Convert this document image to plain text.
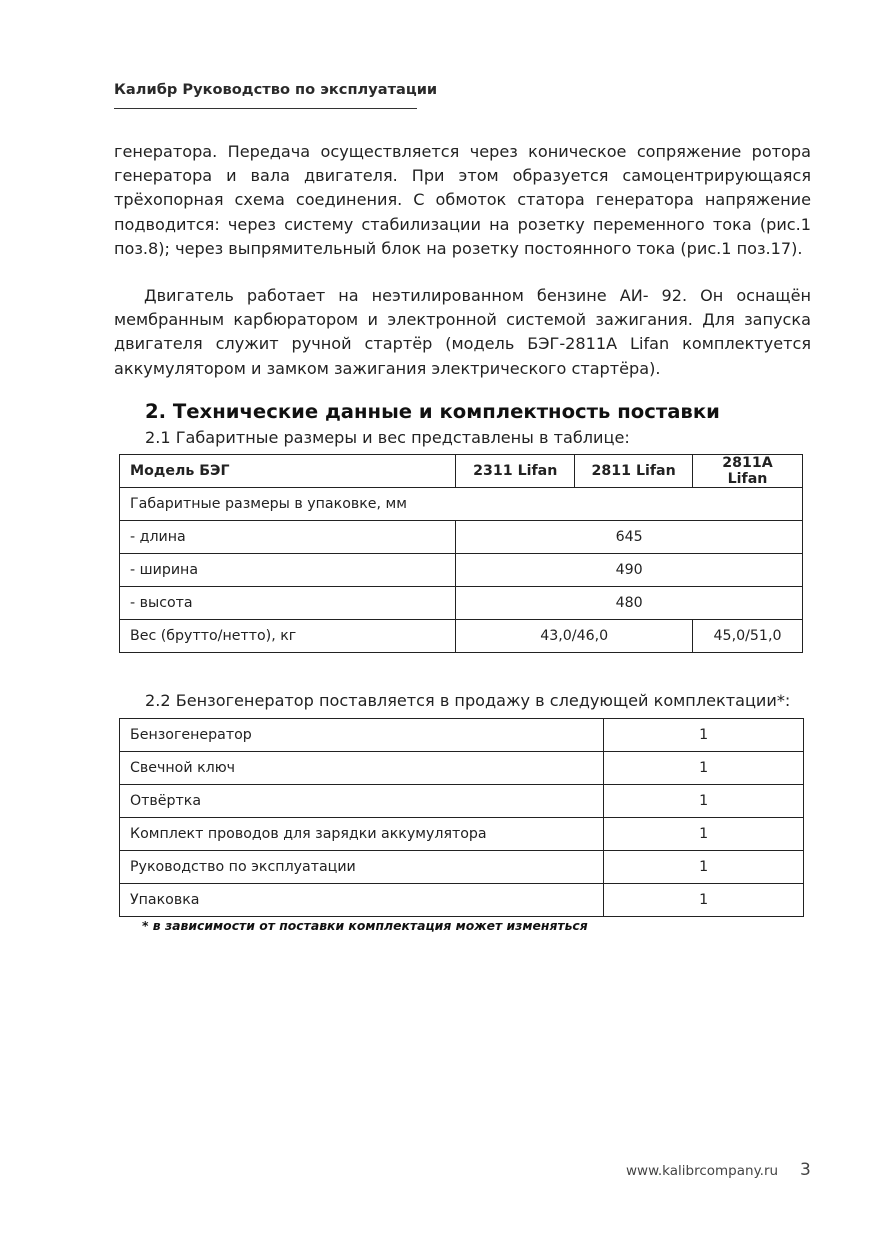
Калибр Руководство по эксплуатации
генератора. Передача осуществляется через коническое сопряжение ротора генератора и вала двигателя. При этом образуется самоцентрирующаяся трёхопорная схема соединения. С обмоток статора генератора напряжение подводится: через систему стабилизации на розетку переменного тока (рис.1 поз.8); через выпрямительный блок на розетку постоянного тока (рис.1 поз.17).
Двигатель работает на неэтилированном бензине АИ- 92. Он оснащён мембранным карбюратором и электронной системой зажигания. Для запуска двигателя служит ручной стартёр (модель БЭГ-2811А Lifan комплектуется аккумулятором и замком зажигания электрического стартёра).
2. Технические данные и комплектность поставки
2.1 Габаритные размеры и вес представлены в таблице:
Модель БЭГ	2311 Lifan	2811 Lifan	2811A Lifan
Габаритные размеры в упаковке, мм			
- длина	645		
- ширина	490		
- высота	480		
Вес (брутто/нетто), кг	43,0/46,0		45,0/51,0
2.2 Бензогенератор поставляется в продажу в следующей комплектации*:
Бензогенератор	1
Свечной ключ	1
Отвёртка	1
Комплект проводов для зарядки аккумулятора	1
Руководство по эксплуатации	1
Упаковка	1
* в зависимости от поставки комплектация может изменяться
www.kalibrcompany.ru 3
